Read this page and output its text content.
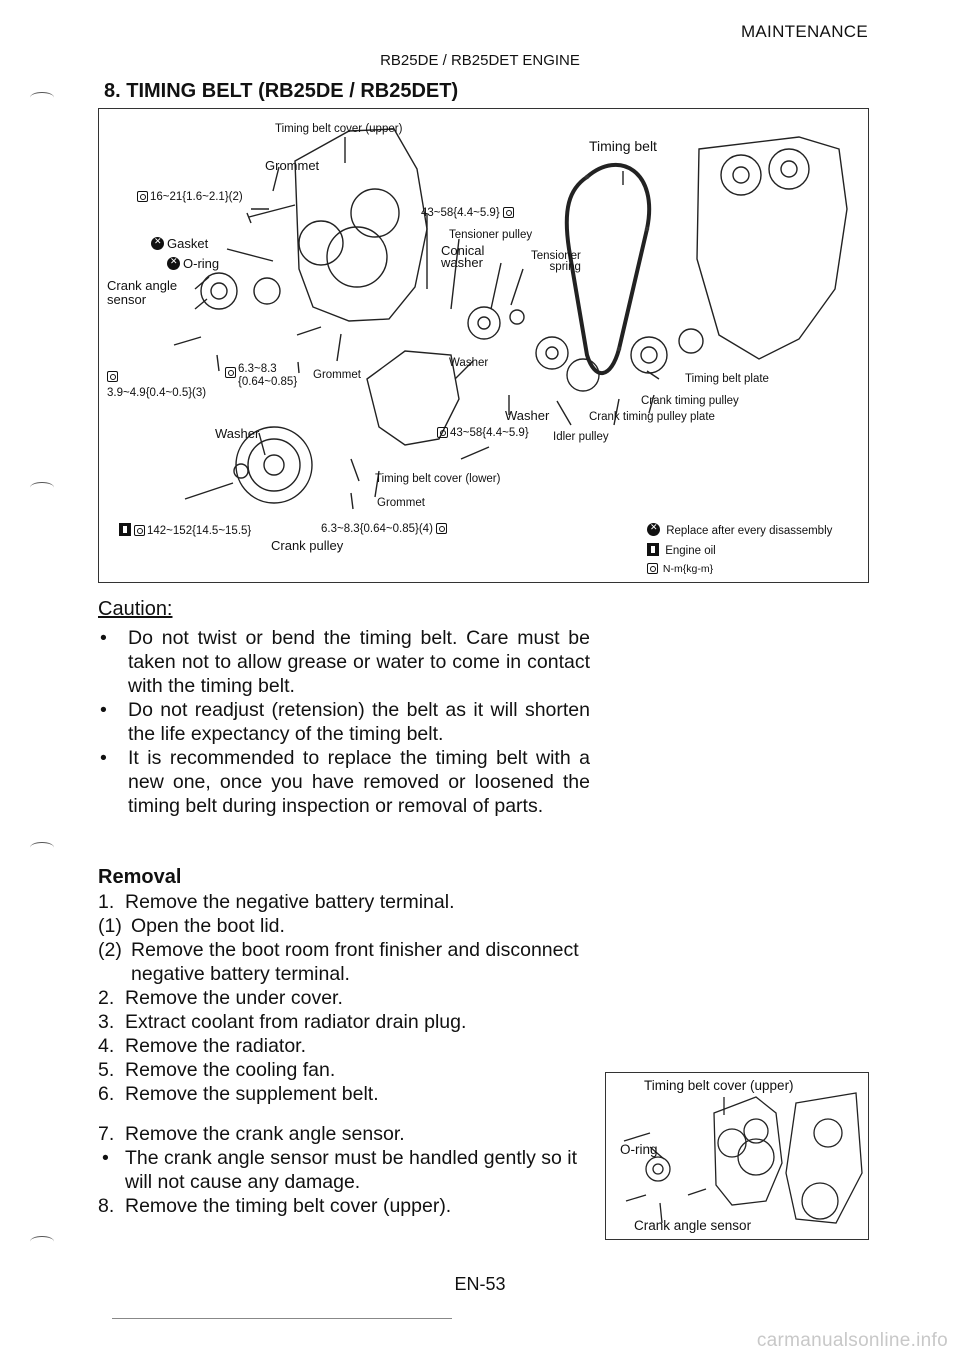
MAINTENANCE
RB25DE / RB25DET ENGINE
8. TIMING BELT (RB25DE / RB25DET)
Timing belt cover (upper)
Grommet
16~21{1.6~2.1}(2)
✕Gasket
✕O-ring
Crank angle
sensor
43~58{4.4~5.9}
Tensioner pulley
Conical
washer	Tensioner
spring
Timing belt
3.9~4.9{0.4~0.5}(3)
6.3~8.3
{0.64~0.85}
Grommet
Washer
Timing belt plate
Crank timing pulley
Crank timing pulley plate
Washer
43~58{4.4~5.9} Idler pulley
Washer
Timing belt cover (lower)
Grommet
142~152{14.5~15.5}	6.3~8.3{0.64~0.85}(4)
Crank pulley
✕ Replace after every disassembly
Engine oil
N-m{kg-m}
Caution:
• Do not twist or bend the timing belt. Care must be taken not to allow grease or water to come in contact with the timing belt.
• Do not readjust (retension) the belt as it will shorten the life expectancy of the timing belt.
• It is recommended to replace the timing belt with a new one, once you have removed or loosened the timing belt during inspection or removal of parts.
Removal
1. Remove the negative battery terminal.
(1) Open the boot lid.
(2) Remove the boot room front finisher and disconnect negative battery terminal.
2. Remove the under cover.
3. Extract coolant from radiator drain plug.
4. Remove the radiator.
5. Remove the cooling fan.
6. Remove the supplement belt.
7. Remove the crank angle sensor.
• The crank angle sensor must be handled gently so it will not cause any damage.
8. Remove the timing belt cover (upper).
Timing belt cover (upper)
O-ring
Crank angle sensor
EN-53
carmanualsonline.info
